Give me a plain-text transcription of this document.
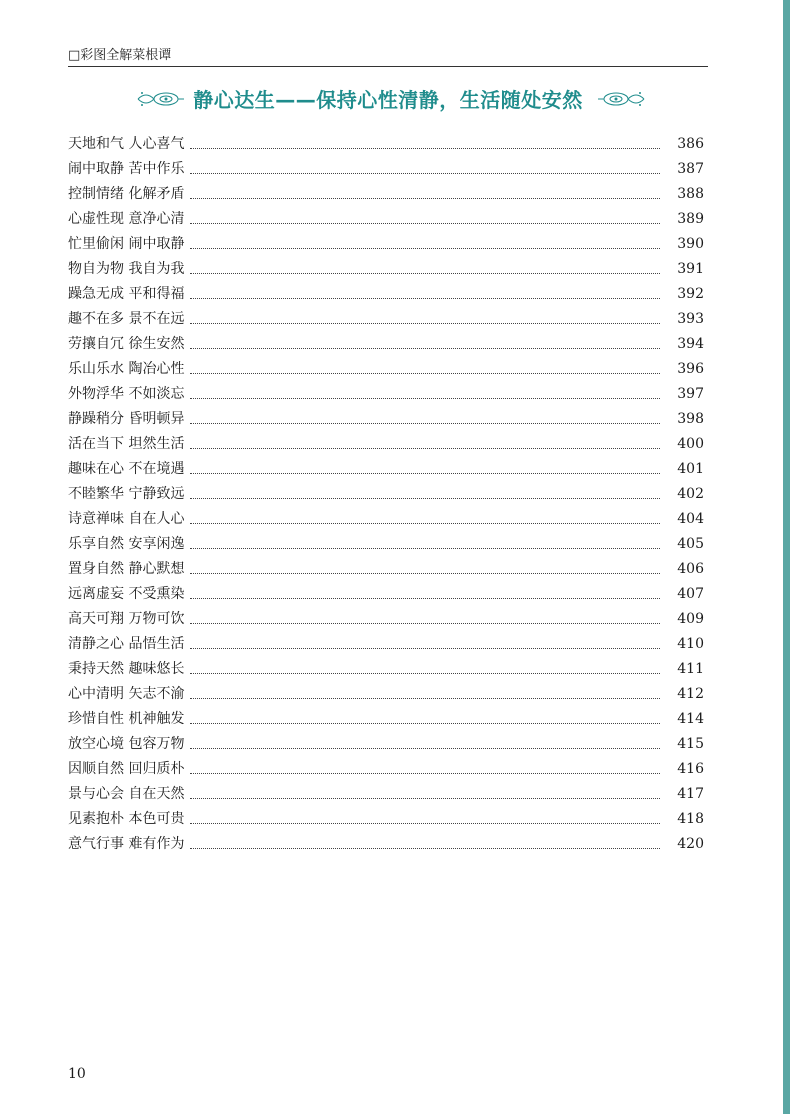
□彩图全解菜根谭
静心达生——保持心性清静，生活随处安然
天地和气 人心喜气	386
闹中取静 苦中作乐	387
控制情绪 化解矛盾	388
心虚性现 意净心清	389
忙里偷闲 闹中取静	390
物自为物 我自为我	391
躁急无成 平和得福	392
趣不在多 景不在远	393
劳攘自冗 徐生安然	394
乐山乐水 陶冶心性	396
外物浮华 不如淡忘	397
静躁稍分 昏明顿异	398
活在当下 坦然生活	400
趣味在心 不在境遇	401
不睦繁华 宁静致远	402
诗意禅味 自在人心	404
乐享自然 安享闲逸	405
置身自然 静心默想	406
远离虚妄 不受熏染	407
高天可翔 万物可饮	409
清静之心 品悟生活	410
秉持天然 趣味悠长	411
心中清明 矢志不渝	412
珍惜自性 机神触发	414
放空心境 包容万物	415
因顺自然 回归质朴	416
景与心会 自在天然	417
见素抱朴 本色可贵	418
意气行事 难有作为	420
10
